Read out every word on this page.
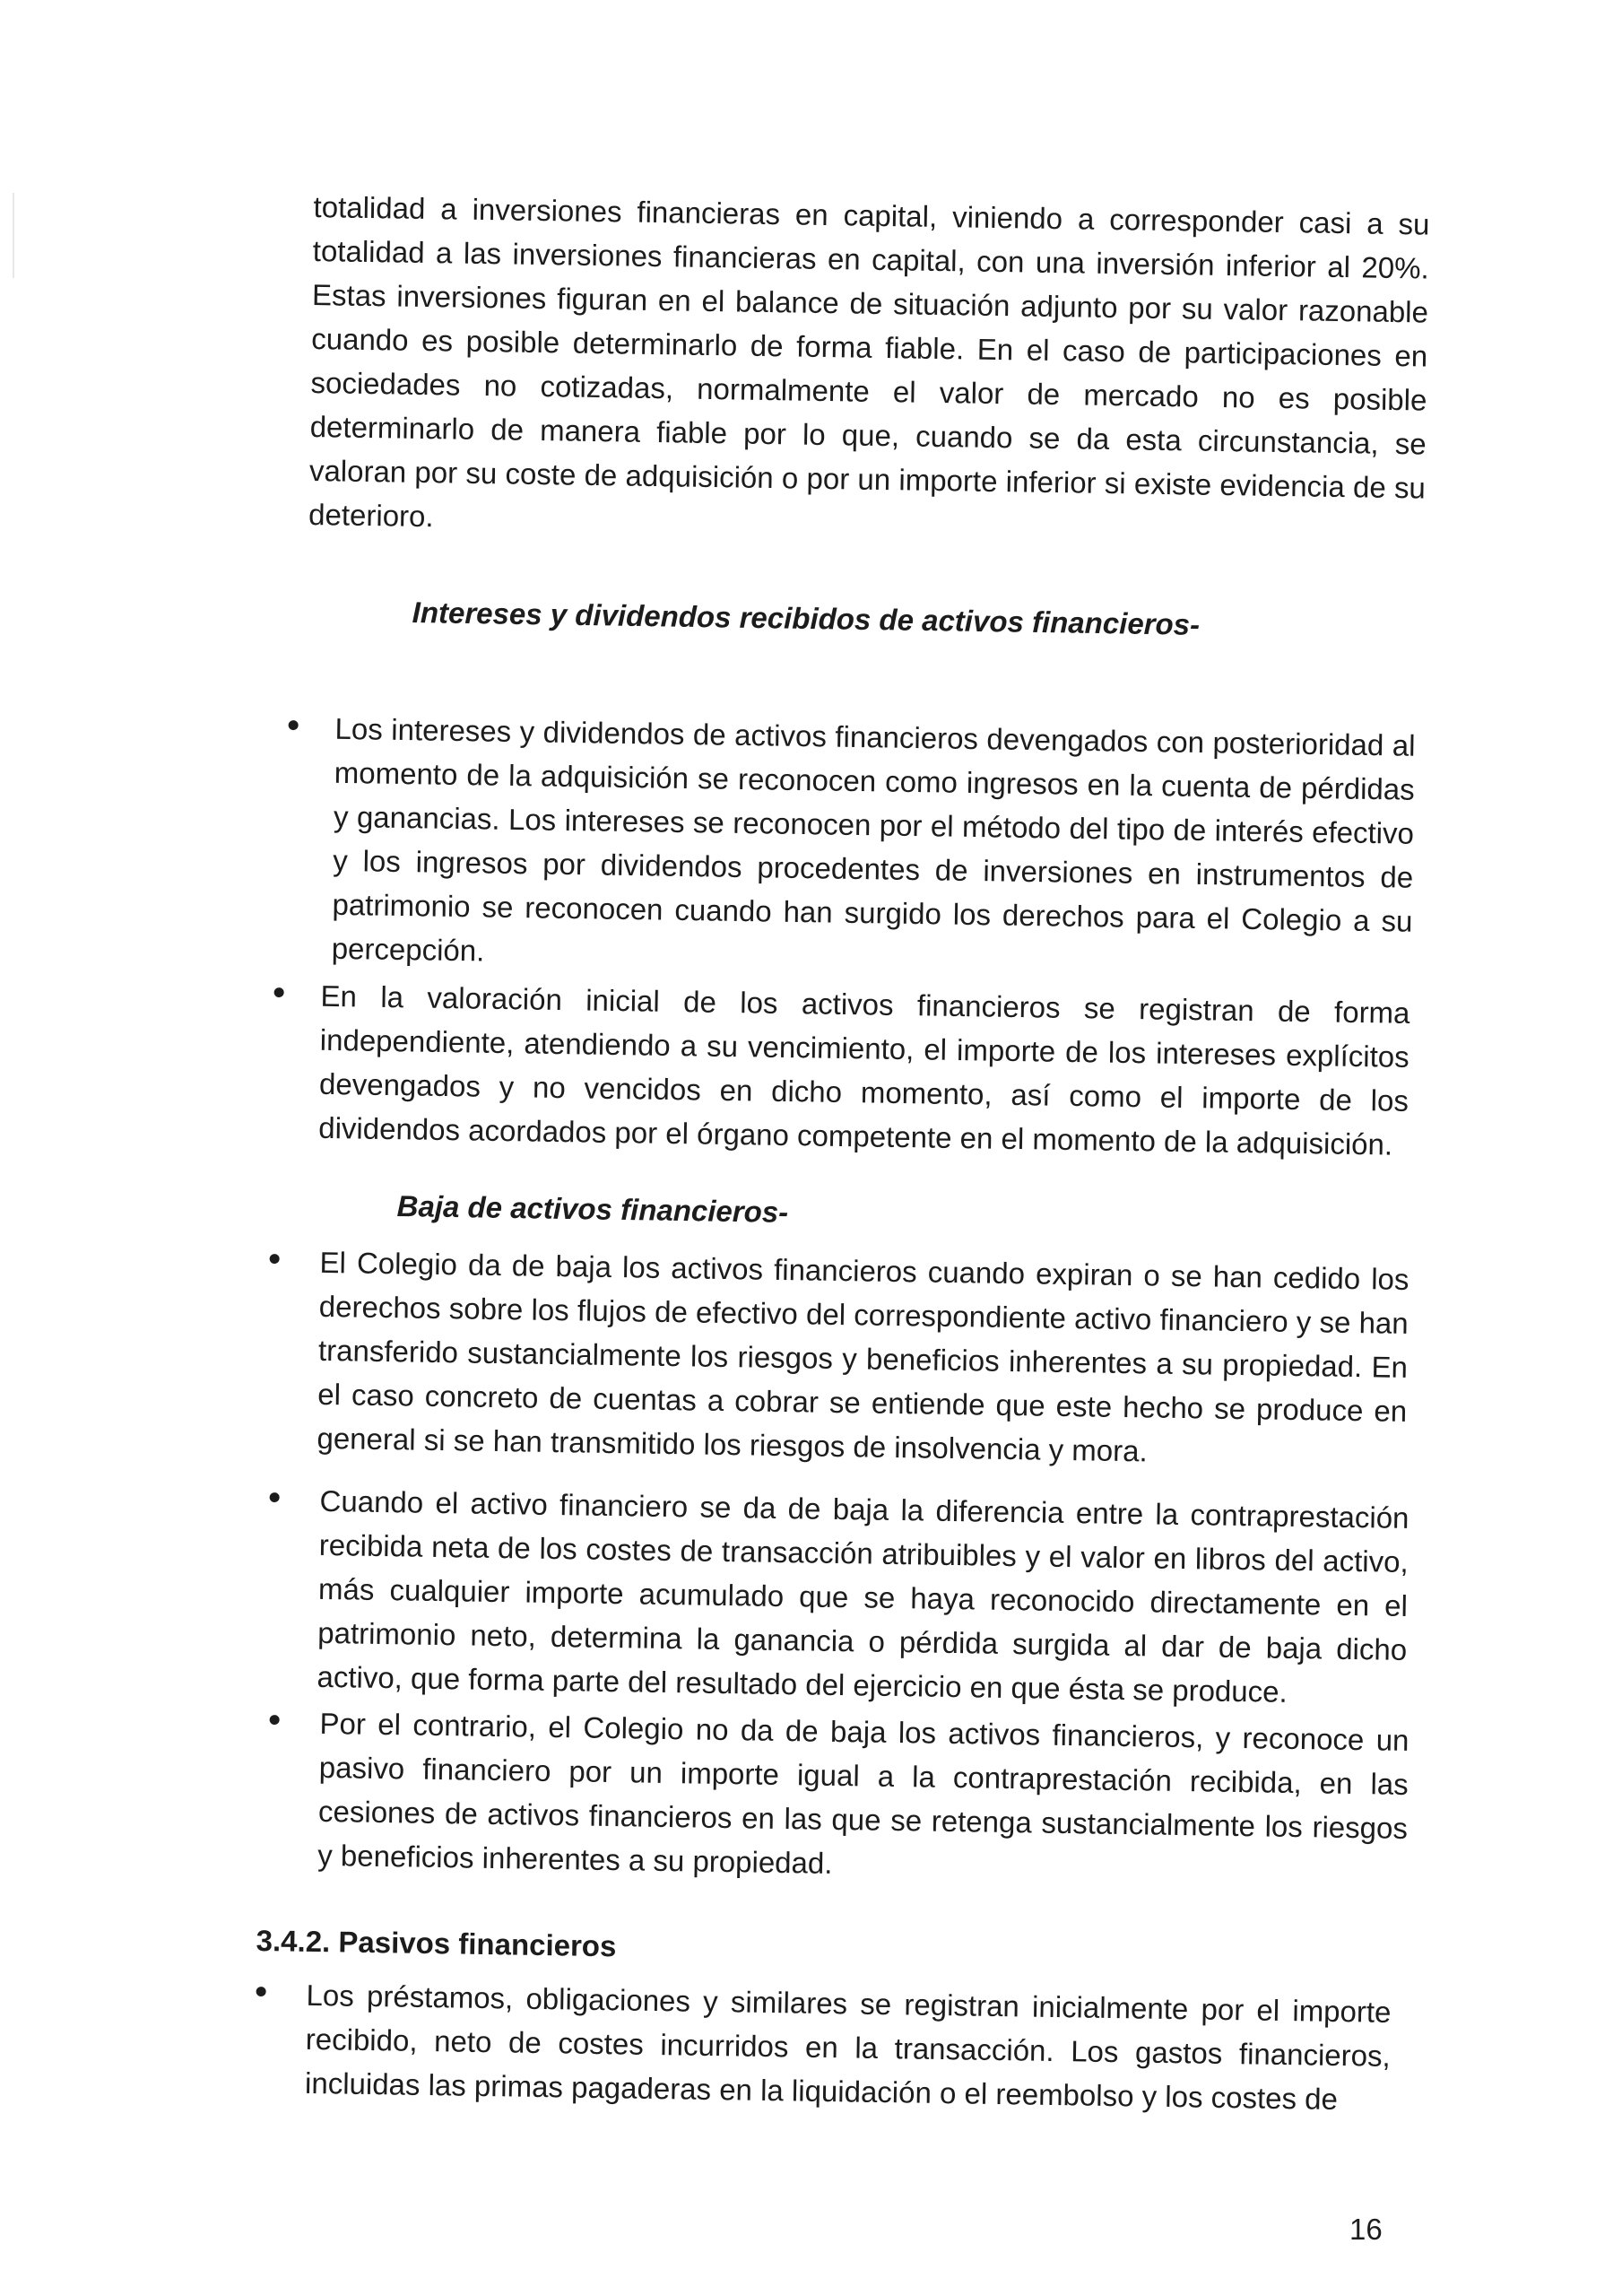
totalidad a inversiones financieras en capital, viniendo a corresponder casi a su totalidad a las inversiones financieras en capital, con una inversión inferior al 20%. Estas inversiones figuran en el balance de situación adjunto por su valor razonable cuando es posible determinarlo de forma fiable. En el caso de participaciones en sociedades no cotizadas, normalmente el valor de mercado no es posible determinarlo de manera fiable por lo que, cuando se da esta circunstancia, se valoran por su coste de adquisición o por un importe inferior si existe evidencia de su deterioro.

Intereses y dividendos recibidos de activos financieros-

Los intereses y dividendos de activos financieros devengados con posterioridad al momento de la adquisición se reconocen como ingresos en la cuenta de pérdidas y ganancias. Los intereses se reconocen por el método del tipo de interés efectivo y los ingresos por dividendos procedentes de inversiones en instrumentos de patrimonio se reconocen cuando han surgido los derechos para el Colegio a su percepción.

En la valoración inicial de los activos financieros se registran de forma independiente, atendiendo a su vencimiento, el importe de los intereses explícitos devengados y no vencidos en dicho momento, así como el importe de los dividendos acordados por el órgano competente en el momento de la adquisición.

Baja de activos financieros-

El Colegio da de baja los activos financieros cuando expiran o se han cedido los derechos sobre los flujos de efectivo del correspondiente activo financiero y se han transferido sustancialmente los riesgos y beneficios inherentes a su propiedad. En el caso concreto de cuentas a cobrar se entiende que este hecho se produce en general si se han transmitido los riesgos de insolvencia y mora.

Cuando el activo financiero se da de baja la diferencia entre la contraprestación recibida neta de los costes de transacción atribuibles y el valor en libros del activo, más cualquier importe acumulado que se haya reconocido directamente en el patrimonio neto, determina la ganancia o pérdida surgida al dar de baja dicho activo, que forma parte del resultado del ejercicio en que ésta se produce.

Por el contrario, el Colegio no da de baja los activos financieros, y reconoce un pasivo financiero por un importe igual a la contraprestación recibida, en las cesiones de activos financieros en las que se retenga sustancialmente los riesgos y beneficios inherentes a su propiedad.

3.4.2. Pasivos financieros

Los préstamos, obligaciones y similares se registran inicialmente por el importe recibido, neto de costes incurridos en la transacción. Los gastos financieros, incluidas las primas pagaderas en la liquidación o el reembolso y los costes de

16
